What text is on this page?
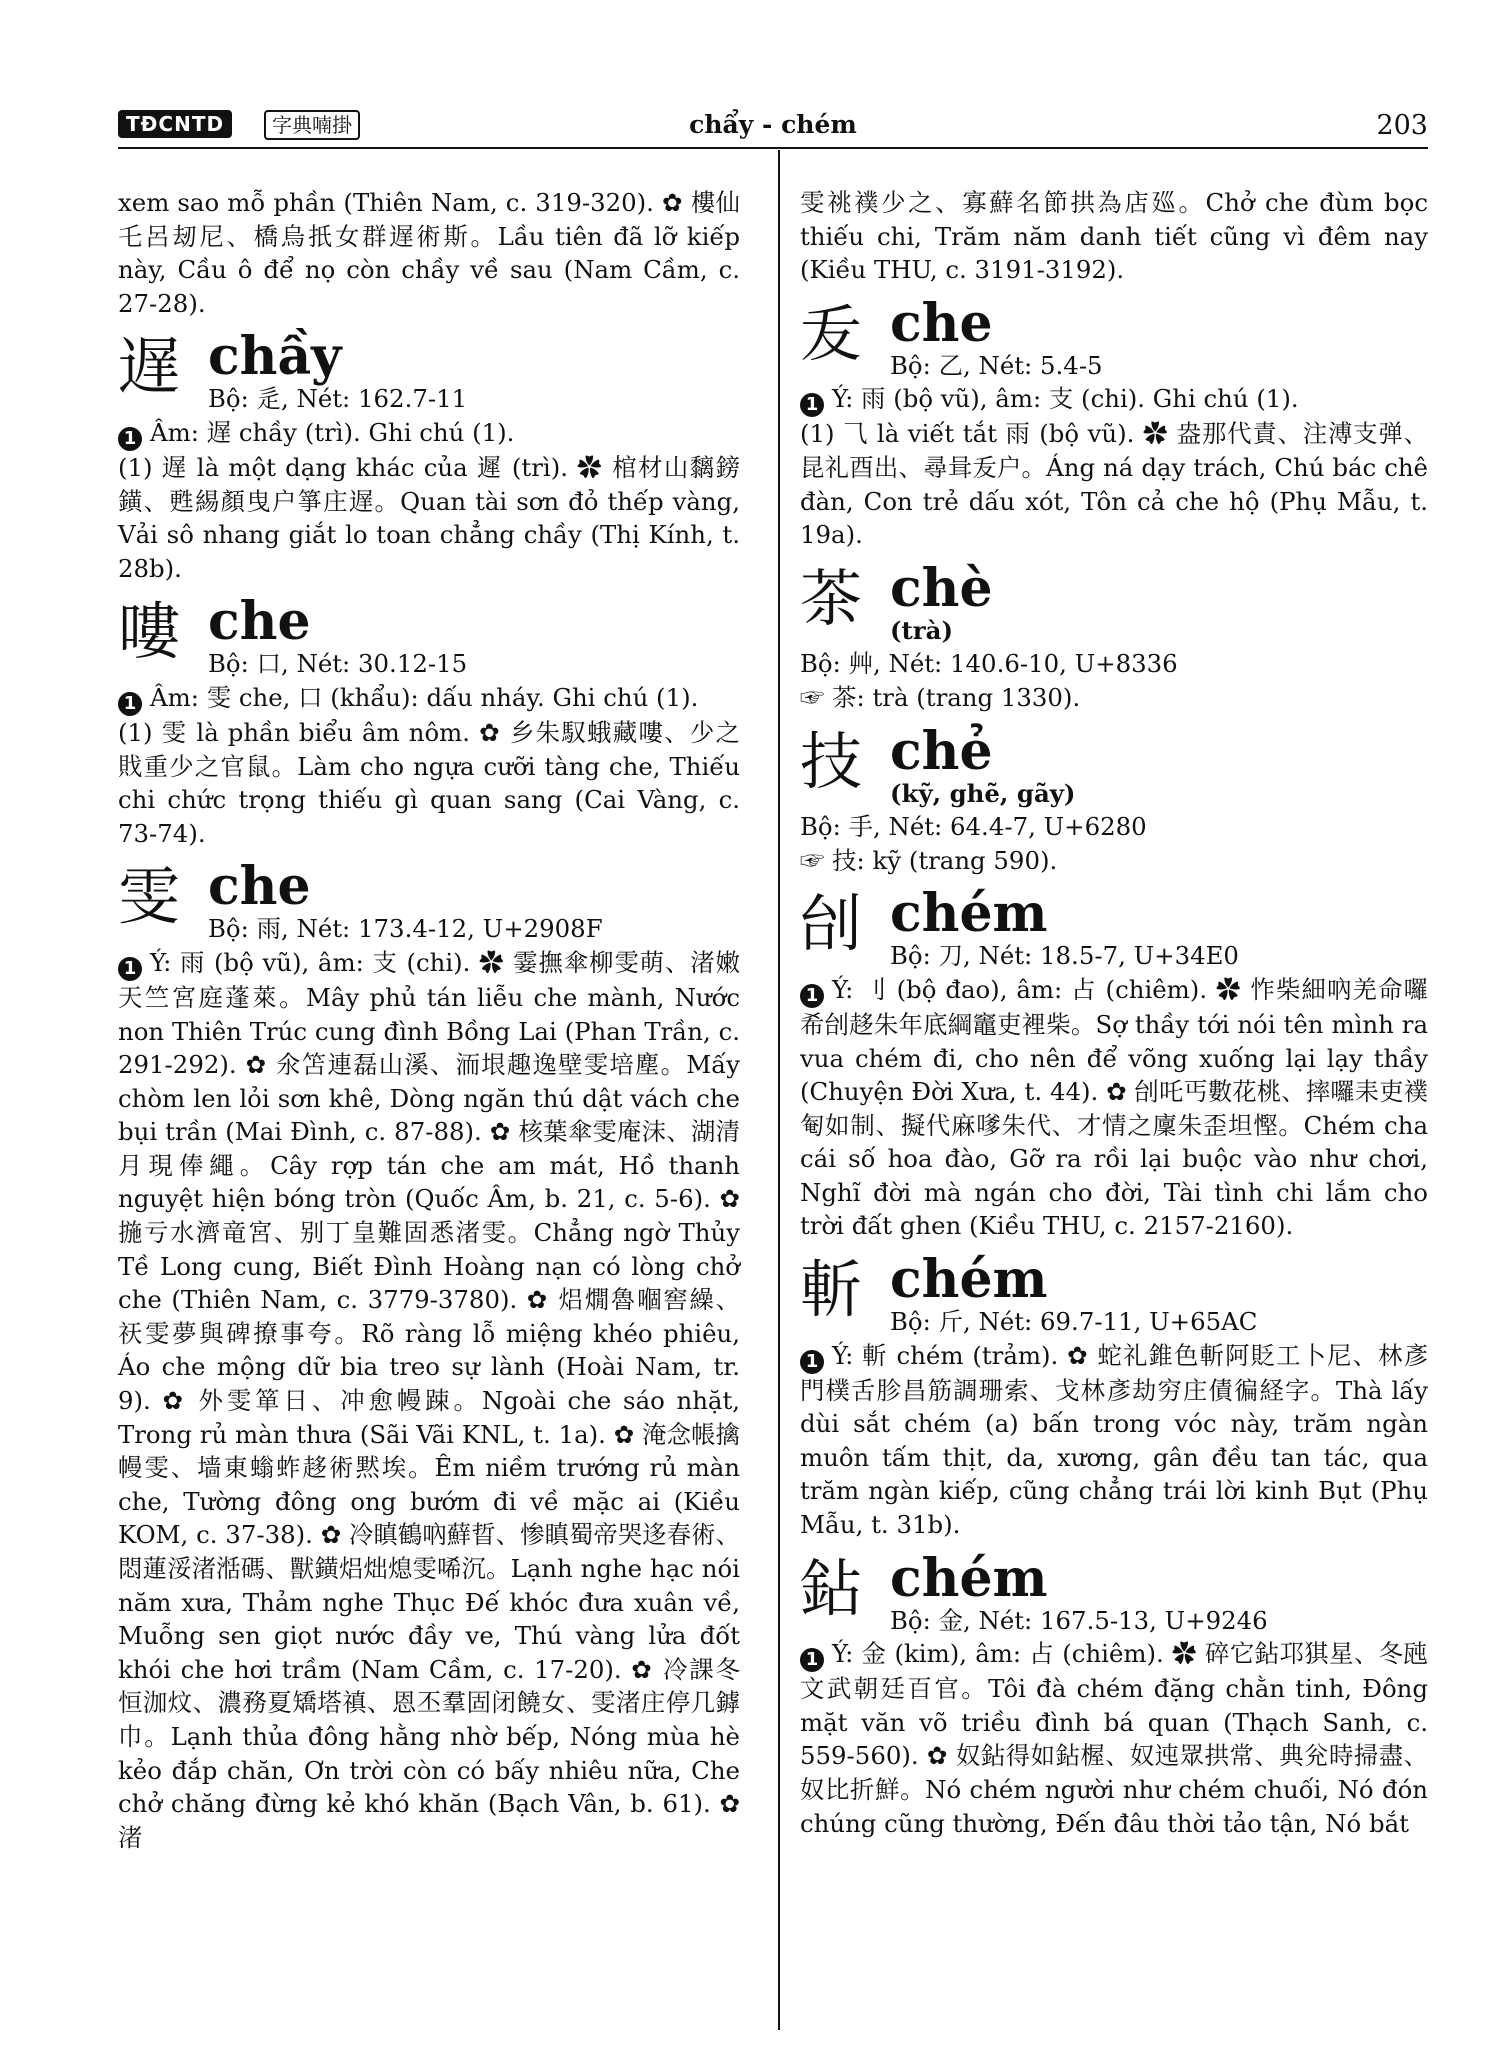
TĐCNTD	字典喃掛	chẩy - chém	203

xem sao mỗ phần (Thiên Nam, c. 319-320). ✿ 樓仙乇呂刼尼、橋烏扺女群遅術斯。Lầu tiên đã lỡ kiếp này, Cầu ô để nọ còn chầy về sau (Nam Cầm, c. 27-28).

遅 chầy
Bộ: 辵, Nét: 162.7-11

1 Âm: 遅 chầy (trì). Ghi chú (1).

(1) 遅 là một dạng khác của 遲 (trì). ✿ 棺材山黐鎊鐄、甦緆顏曳户箏庄遅。Quan tài sơn đỏ thếp vàng, Vải sô nhang giắt lo toan chẳng chầy (Thị Kính, t. 28b).

嘍 che
Bộ: 口, Nét: 30.12-15

1 Âm: 雯 che, 口 (khẩu): dấu nháy. Ghi chú (1).

(1) 雯 là phần biểu âm nôm. ✿ 乡朱馭蛾藏嘍、少之戝重少之官鼠。Làm cho ngựa cưỡi tàng che, Thiếu chi chức trọng thiếu gì quan sang (Cai Vàng, c. 73-74).

雯 che
Bộ: 雨, Nét: 173.4-12, U+2908F

1 Ý: 雨 (bộ vũ), âm: 支 (chi). ✿ 霎撫傘柳雯萌、渚嫩天竺宮庭蓬萊。Mây phủ tán liễu che mành, Nước non Thiên Trúc cung đình Bồng Lai (Phan Trần, c. 291-292). ✿ 氽笘連磊山溪、洏垠趣逸壁雯培塵。Mấy chòm len lỏi sơn khê, Dòng ngăn thú dật vách che bụi trần (Mai Đình, c. 87-88). ✿ 核葉傘雯庵沫、湖清月現俸繩。Cây rợp tán che am mát, Hồ thanh nguyệt hiện bóng tròn (Quốc Âm, b. 21, c. 5-6). ✿ 揓亏水濟竜宮、别丁皇難固悉渚雯。Chẳng ngờ Thủy Tề Long cung, Biết Đình Hoàng nạn có lòng chở che (Thiên Nam, c. 3779-3780). ✿ 焒燗魯嗰窖繰、祆雯夢與碑撩事夸。Rõ ràng lỗ miệng khéo phiêu, Áo che mộng dữ bia treo sự lành (Hoài Nam, tr. 9). ✿ 外雯箪日、冲愈幔踈。Ngoài che sáo nhặt, Trong rủ màn thưa (Sãi Vãi KNL, t. 1a). ✿ 淹念帳擒幔雯、墙東螉蚱趍術黙埃。Êm niềm trướng rủ màn che, Tường đông ong bướm đi về mặc ai (Kiều KOM, c. 37-38). ✿ 冷瞋鶴吶蘚晢、惨瞋蜀帝哭迻春術、悶蓮浽渚湉碼、獸鐄焒炪熄雯唏沉。Lạnh nghe hạc nói năm xưa, Thảm nghe Thục Đế khóc đưa xuân về, Muỗng sen giọt nước đầy ve, Thú vàng lửa đốt khói che hơi trầm (Nam Cầm, c. 17-20). ✿ 冷課冬恒泇炆、濃務夏矯塔禛、恩丕羣固闭饒女、雯渚庄停几鏬巾。Lạnh thủa đông hằng nhờ bếp, Nóng mùa hè kẻo đắp chăn, Ơn trời còn có bấy nhiêu nữa, Che chở chăng đừng kẻ khó khăn (Bạch Vân, b. 61). ✿ 渚

雯祧襆少之、寡蘚名節拱為店廵。Chở che đùm bọc thiếu chi, Trăm năm danh tiết cũng vì đêm nay (Kiều THU, c. 3191-3192).

叐 che
Bộ: 乙, Nét: 5.4-5

1 Ý: 雨 (bộ vũ), âm: 支 (chi). Ghi chú (1).

(1) ⺄ là viết tắt 雨 (bộ vũ). ✿ 盎那代責、注溥支弹、昆礼酉出、尋咠叐户。Áng ná dạy trách, Chú bác chê đàn, Con trẻ dấu xót, Tôn cả che hộ (Phụ Mẫu, t. 19a).

茶 chè
(trà)
Bộ: 艸, Nét: 140.6-10, U+8336
☞ 茶: trà (trang 1330).
技 chẻ
(kỹ, ghẽ, gãy)
Bộ: 手, Nét: 64.4-7, U+6280
☞ 技: kỹ (trang 590).
刣 chém
Bộ: 刀, Nét: 18.5-7, U+34E0

1 Ý: 刂 (bộ đao), âm: 占 (chiêm). ✿ 怍柴細吶羌命囉希刣趍朱年底綱竈吏裡柴。Sợ thầy tới nói tên mình ra vua chém đi, cho nên để võng xuống lại lạy thầy (Chuyện Đời Xưa, t. 44). ✿ 刣吒丐數花桃、摔囉耒吏襆匎如制、擬代麻嗲朱代、才情之廩朱歪坦慳。Chém cha cái số hoa đào, Gỡ ra rồi lại buộc vào như chơi, Nghĩ đời mà ngán cho đời, Tài tình chi lắm cho trời đất ghen (Kiều THU, c. 2157-2160).

斬 chém
Bộ: 斤, Nét: 69.7-11, U+65AC

1 Ý: 斬 chém (trảm). ✿ 蛇礼錐色斬阿貶工卜尼、林彥門樸舌胗昌筋調珊索、戈林彥劫穷庄債徧経字。Thà lấy dùi sắt chém (a) bấn trong vóc này, trăm ngàn muôn tấm thịt, da, xương, gân đều tan tác, qua trăm ngàn kiếp, cũng chẳng trái lời kinh Bụt (Phụ Mẫu, t. 31b).

鉆 chém
Bộ: 金, Nét: 167.5-13, U+9246

1 Ý: 金 (kim), âm: 占 (chiêm). ✿ 碎它鉆邛猉星、冬瓲文武朝廷百官。Tôi đà chém đặng chằn tinh, Đông mặt văn võ triều đình bá quan (Thạch Sanh, c. 559-560). ✿ 奴鉆得如鉆楃、奴迍眾拱常、典兊時掃盡、奴比折鮮。Nó chém người như chém chuối, Nó đón chúng cũng thường, Đến đâu thời tảo tận, Nó bắt
